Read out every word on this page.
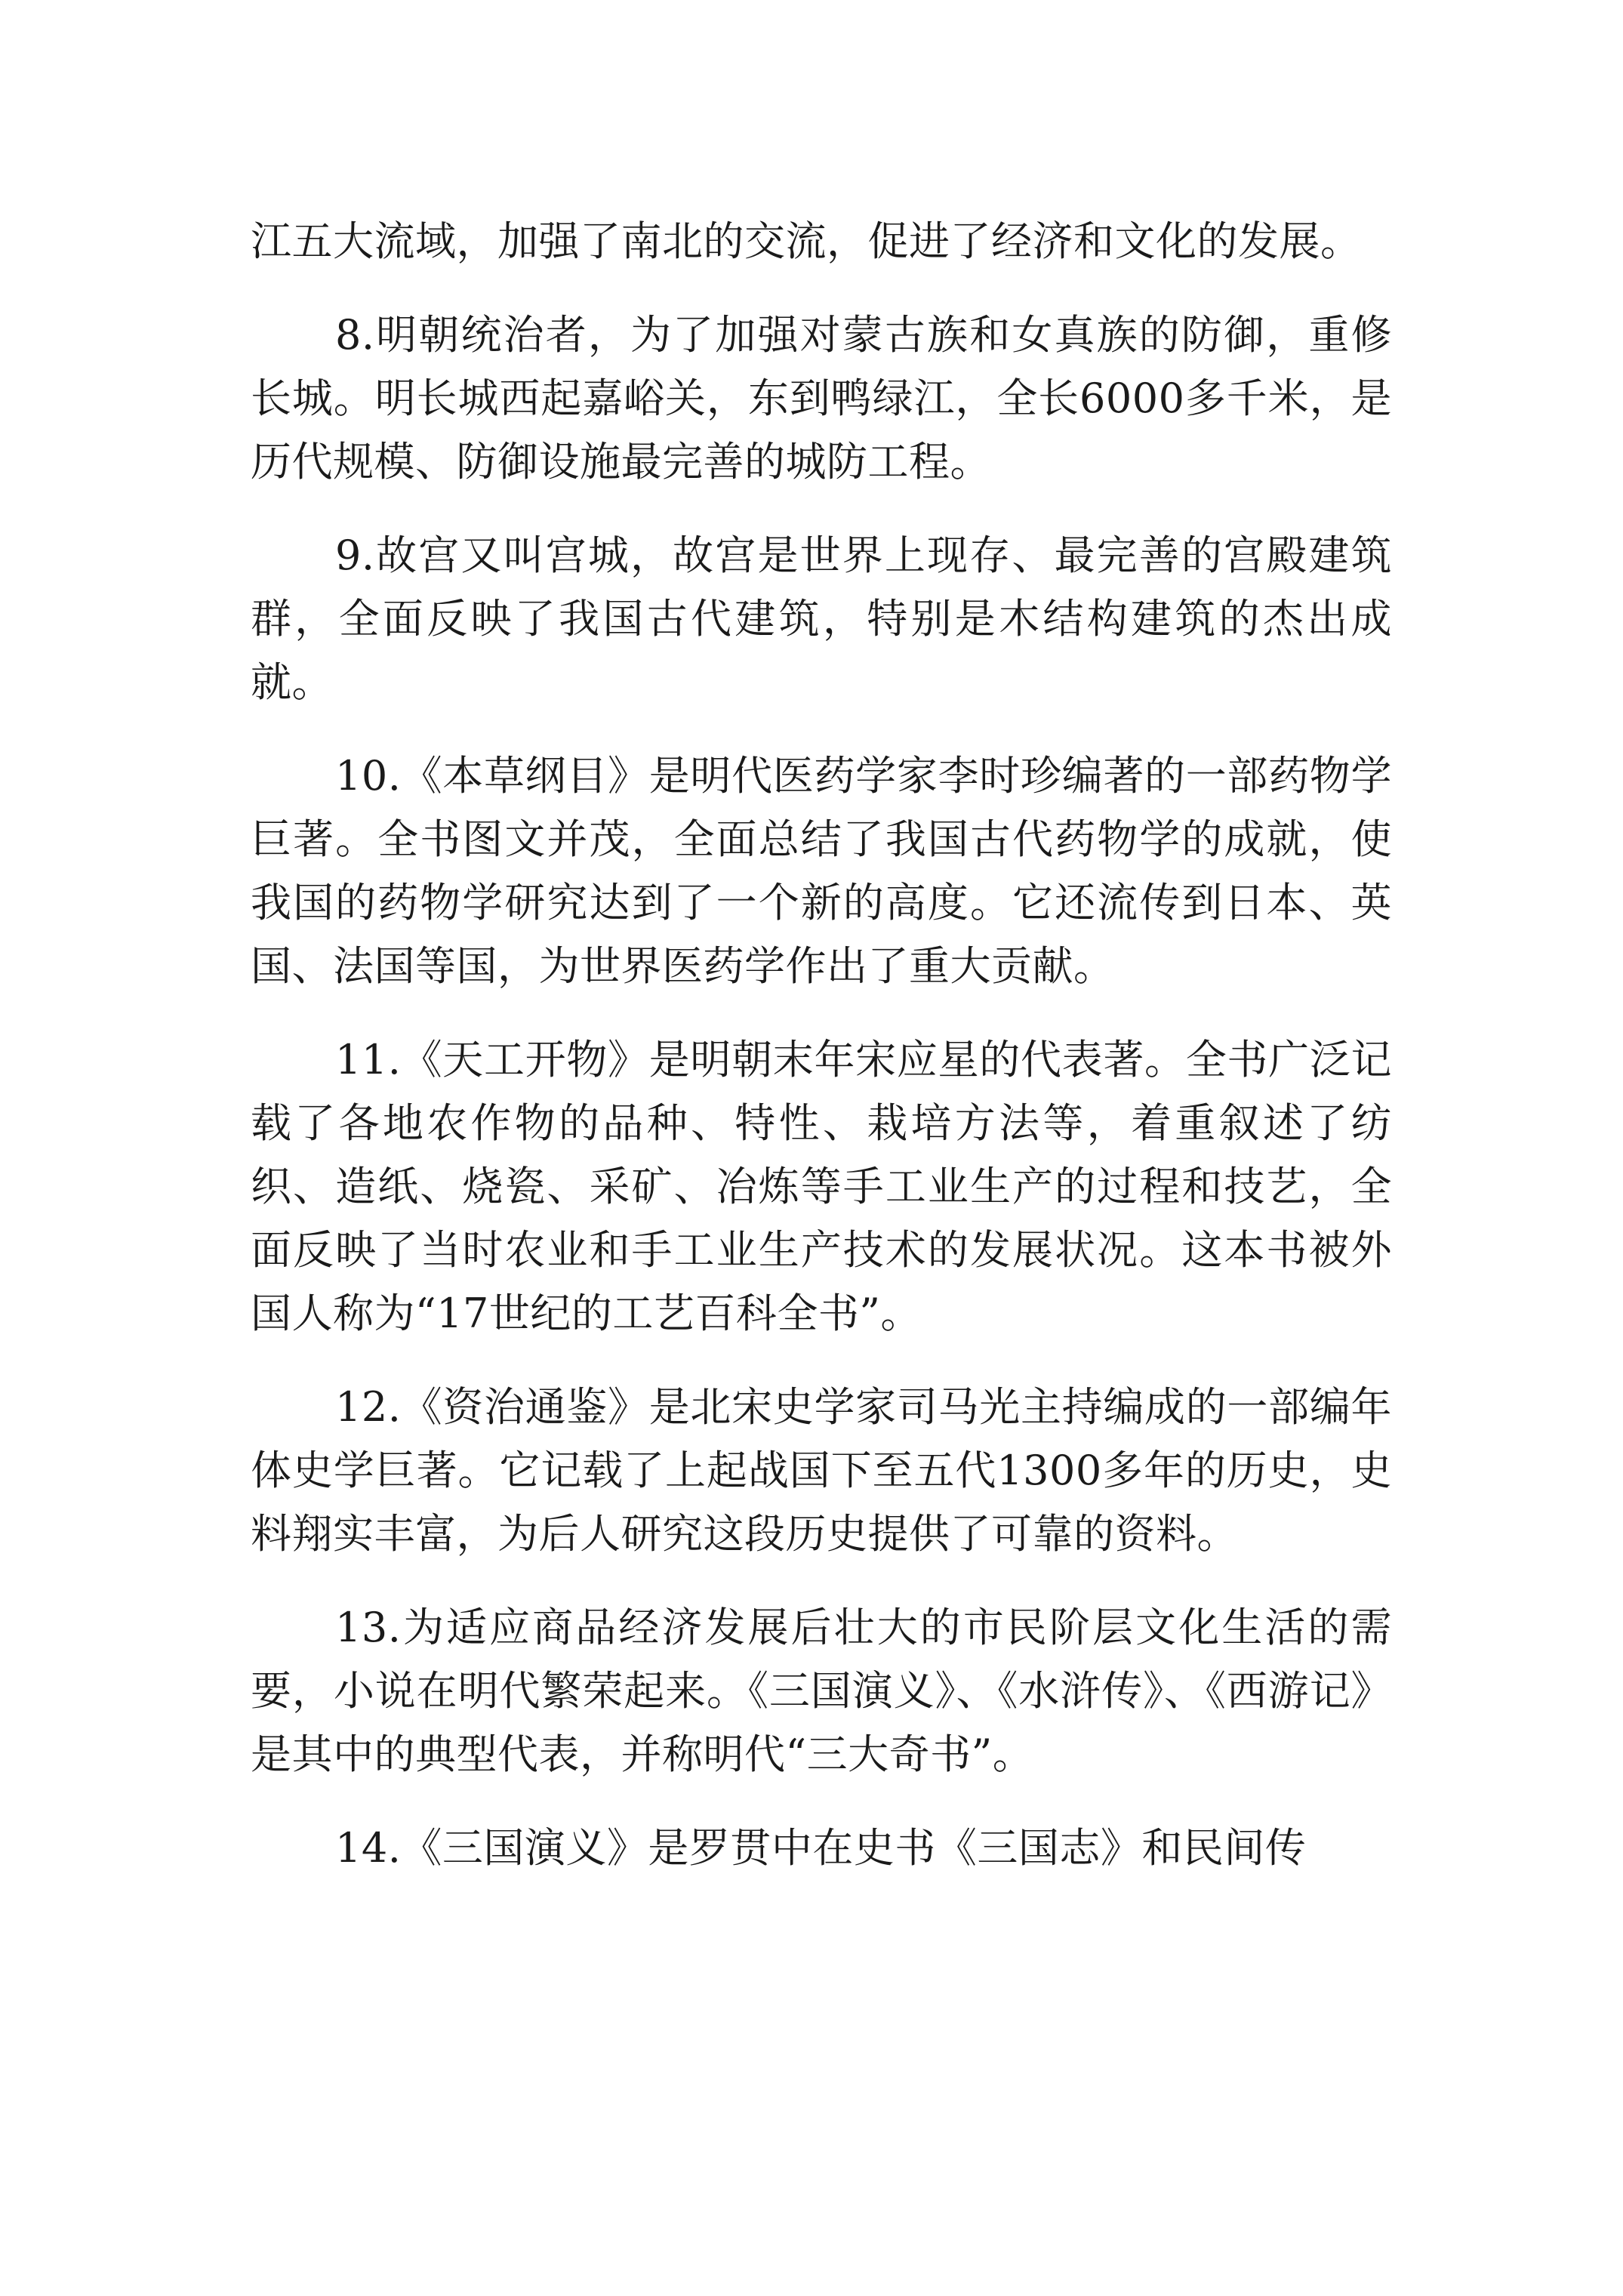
江五大流域，加强了南北的交流，促进了经济和文化的发展。

8.明朝统治者，为了加强对蒙古族和女真族的防御，重修长城。明长城西起嘉峪关，东到鸭绿江，全长6000多千米，是历代规模、防御设施最完善的城防工程。

9.故宫又叫宫城，故宫是世界上现存、最完善的宫殿建筑群，全面反映了我国古代建筑，特别是木结构建筑的杰出成就。

10.《本草纲目》是明代医药学家李时珍编著的一部药物学巨著。全书图文并茂，全面总结了我国古代药物学的成就，使我国的药物学研究达到了一个新的高度。它还流传到日本、英国、法国等国，为世界医药学作出了重大贡献。

11.《天工开物》是明朝末年宋应星的代表著。全书广泛记载了各地农作物的品种、特性、栽培方法等，着重叙述了纺织、造纸、烧瓷、采矿、冶炼等手工业生产的过程和技艺，全面反映了当时农业和手工业生产技术的发展状况。这本书被外国人称为“17世纪的工艺百科全书”。

12.《资治通鉴》是北宋史学家司马光主持编成的一部编年体史学巨著。它记载了上起战国下至五代1300多年的历史，史料翔实丰富，为后人研究这段历史提供了可靠的资料。

13.为适应商品经济发展后壮大的市民阶层文化生活的需要，小说在明代繁荣起来。《三国演义》、《水浒传》、《西游记》是其中的典型代表，并称明代“三大奇书”。

14.《三国演义》是罗贯中在史书《三国志》和民间传
